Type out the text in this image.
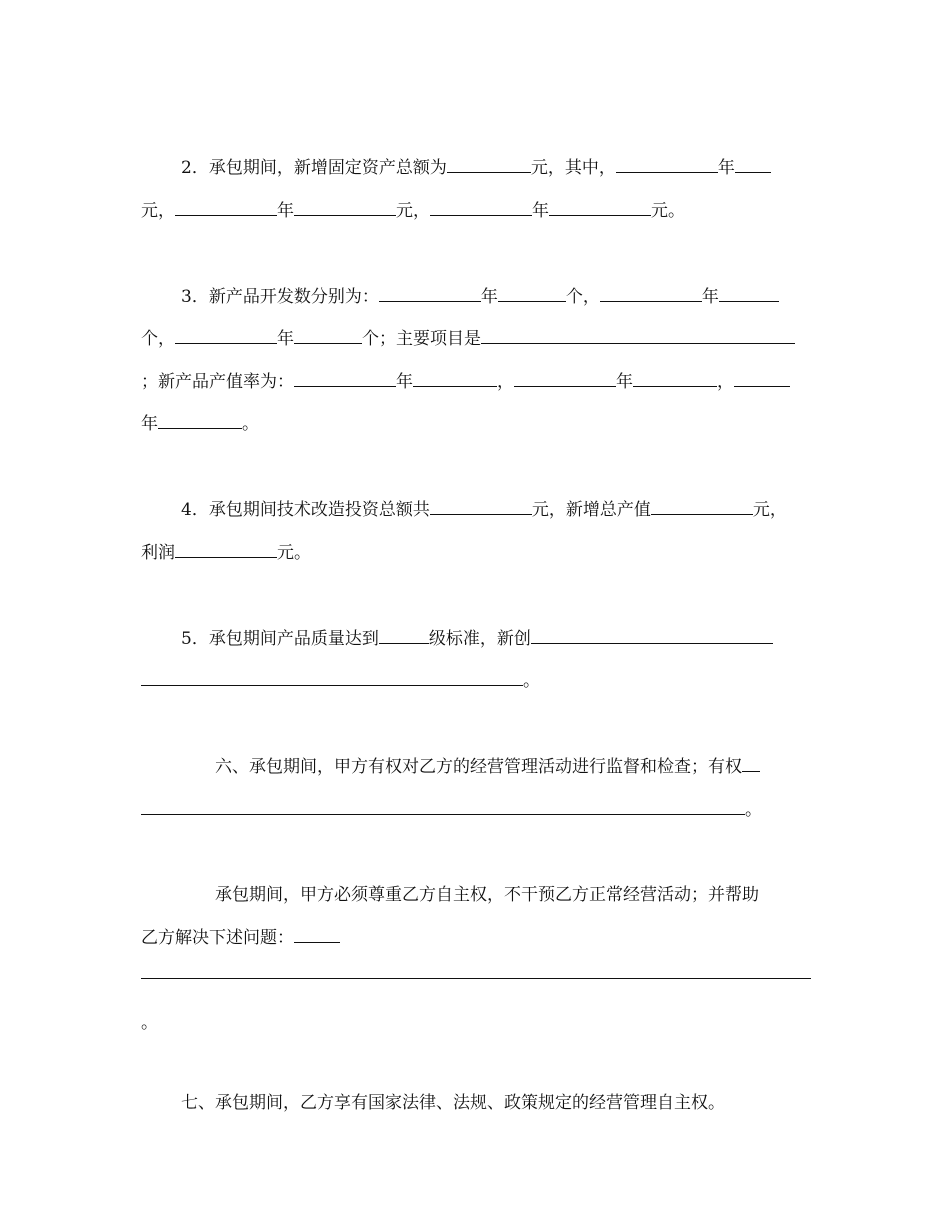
2．承包期间，新增固定资产总额为	元，其中，	年
元，	年	元，	年	元。
3．新产品开发数分别为：	年	个，	年
个，	年	个；主要项目是
；新产品产值率为：	年	，	年	，
年	。
4．承包期间技术改造投资总额共	元，新增总产值	元，
利润	元。
5．承包期间产品质量达到	级标准，新创
。
六、承包期间，甲方有权对乙方的经营管理活动进行监督和检查；有权
。
承包期间，甲方必须尊重乙方自主权，不干预乙方正常经营活动；并帮助
乙方解决下述问题：
。
七、承包期间，乙方享有国家法律、法规、政策规定的经营管理自主权。
